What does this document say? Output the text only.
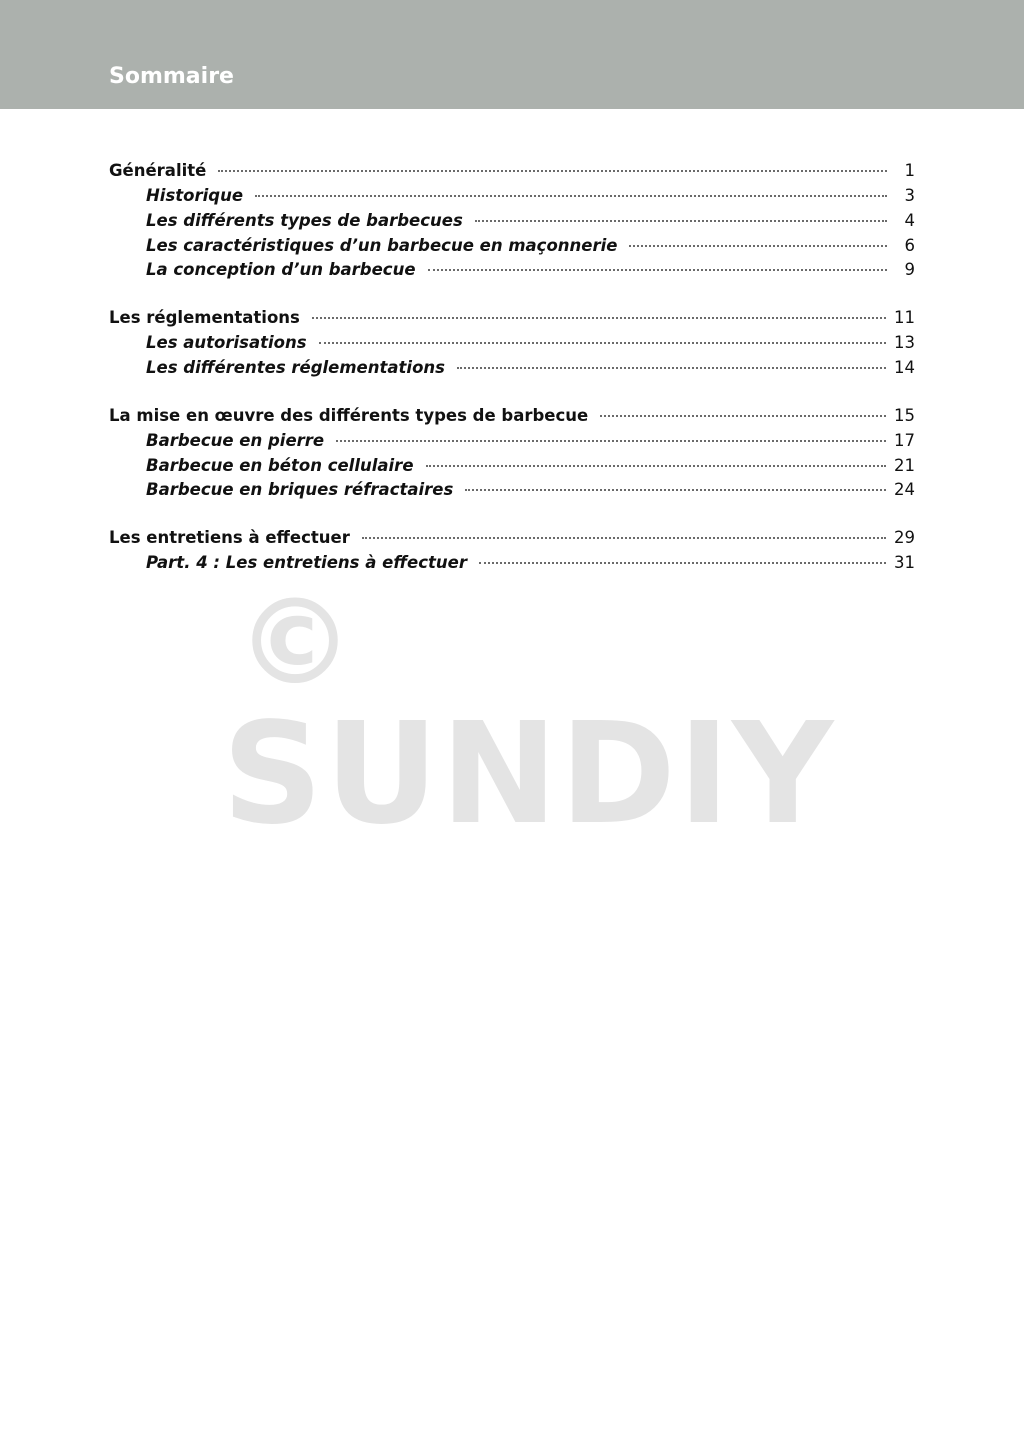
Sommaire
Généralité	1
Historique	3
Les différents types de barbecues	4
Les caractéristiques d’un barbecue en maçonnerie	6
La conception d’un barbecue	9
Les réglementations	11
Les autorisations	13
Les différentes réglementations	14
La mise en œuvre des différents types de barbecue	15
Barbecue en pierre	17
Barbecue en béton cellulaire	21
Barbecue en briques réfractaires	24
Les entretiens à effectuer	29
Part. 4 : Les entretiens à effectuer	31
©
SUNDIY
